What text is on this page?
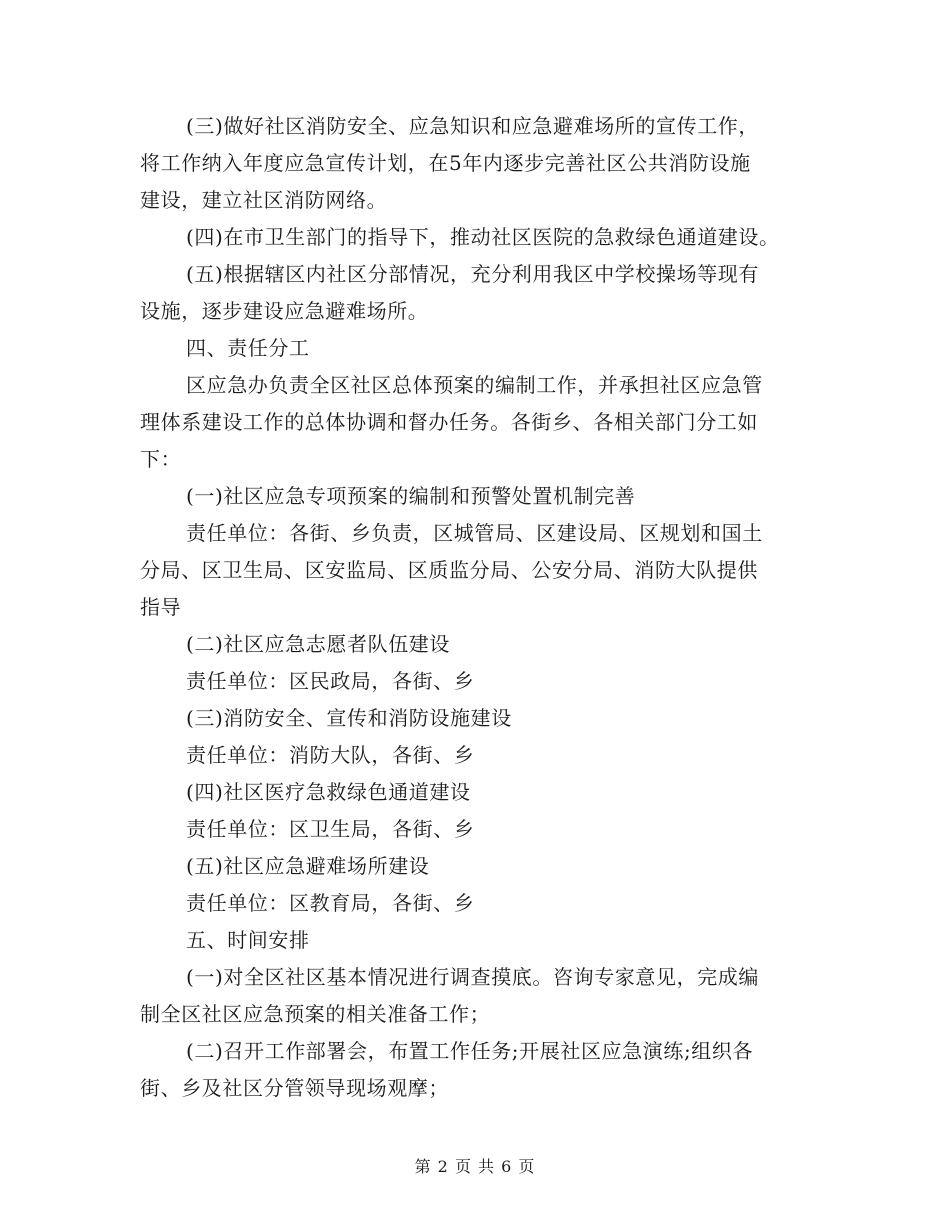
(三)做好社区消防安全、应急知识和应急避难场所的宣传工作，
将工作纳入年度应急宣传计划，在5年内逐步完善社区公共消防设施
建设，建立社区消防网络。
(四)在市卫生部门的指导下，推动社区医院的急救绿色通道建设。
(五)根据辖区内社区分部情况，充分利用我区中学校操场等现有
设施，逐步建设应急避难场所。
四、责任分工
区应急办负责全区社区总体预案的编制工作，并承担社区应急管
理体系建设工作的总体协调和督办任务。各街乡、各相关部门分工如
下：
(一)社区应急专项预案的编制和预警处置机制完善
责任单位：各街、乡负责，区城管局、区建设局、区规划和国土
分局、区卫生局、区安监局、区质监分局、公安分局、消防大队提供
指导
(二)社区应急志愿者队伍建设
责任单位：区民政局，各街、乡
(三)消防安全、宣传和消防设施建设
责任单位：消防大队，各街、乡
(四)社区医疗急救绿色通道建设
责任单位：区卫生局，各街、乡
(五)社区应急避难场所建设
责任单位：区教育局，各街、乡
五、时间安排
(一)对全区社区基本情况进行调查摸底。咨询专家意见，完成编
制全区社区应急预案的相关准备工作；
(二)召开工作部署会，布置工作任务;开展社区应急演练;组织各
街、乡及社区分管领导现场观摩；
第 2 页 共 6 页
